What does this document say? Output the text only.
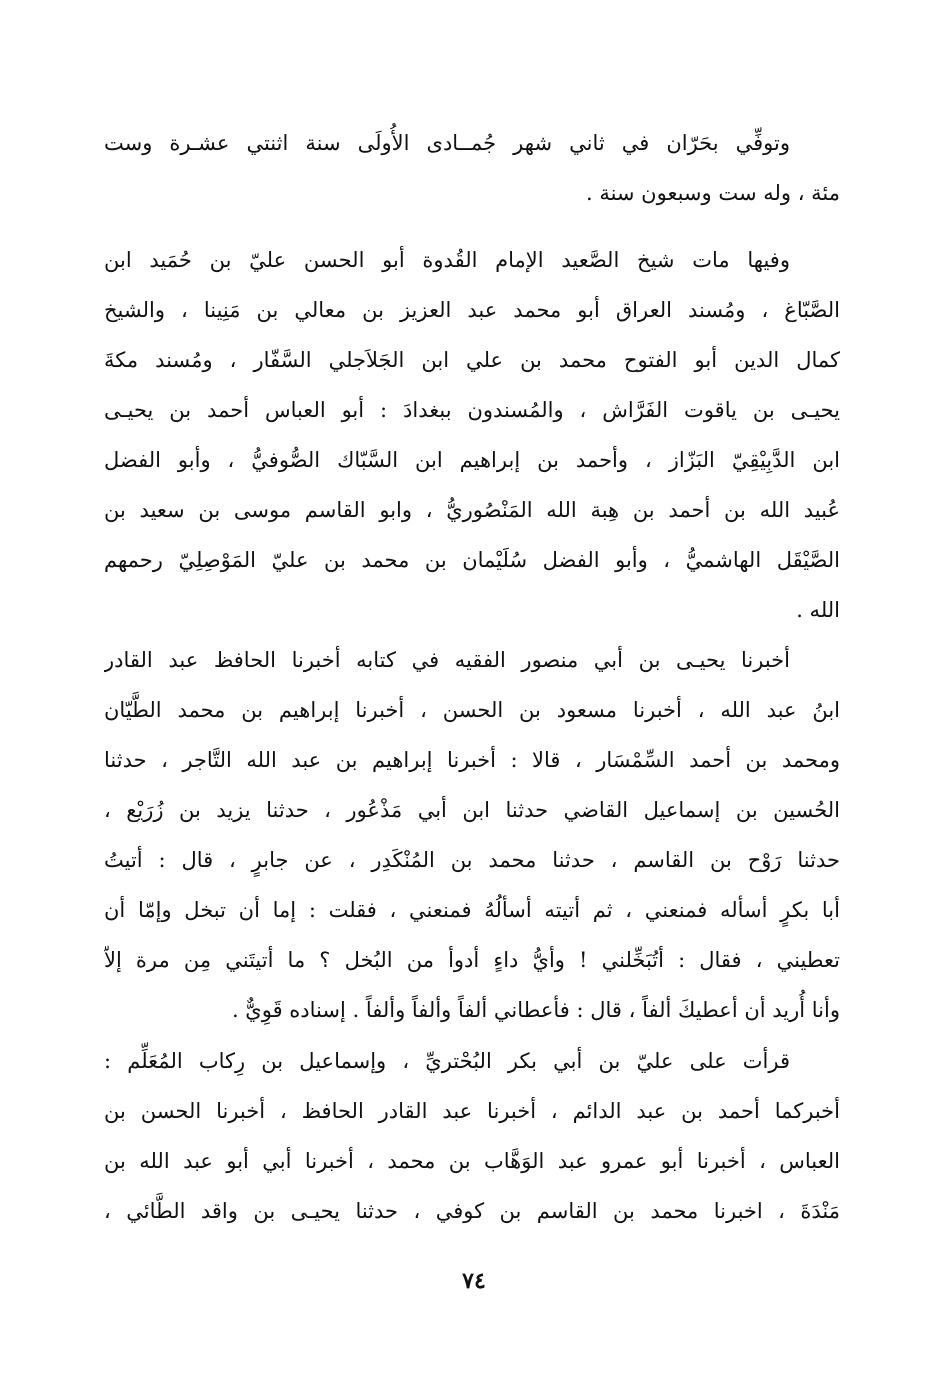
وتوفِّي بحَرّان في ثاني شهر جُمــادى الأُولَى سنة اثنتي عشـرة وست
مئة ، وله ست وسبعون سنة .
وفيها مات شيخ الصَّعيد الإمام القُدوة أبو الحسن عليّ بن حُمَيد ابن
الصَّبّاغ ، ومُسند العراق أبو محمد عبد العزيز بن معالي بن مَنِينا ، والشيخ
كمال الدين أبو الفتوح محمد بن علي ابن الجَلاَجلي السَّفّار ، ومُسند مكةَ
يحيـى بن ياقوت الفَرَّاش ، والمُسندون ببغدادَ : أبو العباس أحمد بن يحيـى
ابن الدَّبِيْقِيّ البَزّاز ، وأحمد بن إبراهيم ابن السَّبّاك الصُّوفيُّ ، وأبو الفضل
عُبيد الله بن أحمد بن هِبة الله المَنْصُوريُّ ، وابو القاسم موسى بن سعيد بن
الصَّيْقَل الهاشميُّ ، وأبو الفضل سُلَيْمان بن محمد بن عليّ المَوْصِلِيّ رحمهم
الله .
أخبرنا يحيـى بن أبي منصور الفقيه في كتابه أخبرنا الحافظ عبد القادر
ابنُ عبد الله ، أخبرنا مسعود بن الحسن ، أخبرنا إبراهيم بن محمد الطَّيّان
ومحمد بن أحمد السِّمْسَار ، قالا : أخبرنا إبراهيم بن عبد الله التَّاجر ، حدثنا
الحُسين بن إسماعيل القاضي حدثنا ابن أبي مَذْعُور ، حدثنا يزيد بن زُرَيْع ،
حدثنا رَوْح بن القاسم ، حدثنا محمد بن المُنْكَدِر ، عن جابرٍ ، قال : أتيتُ
أبا بكرٍ أسأله فمنعني ، ثم أتيته أسألُهُ فمنعني ، فقلت : إما أن تبخل وإمّا أن
تعطيني ، فقال : أتُبَخِّلني ! وأيُّ داءٍ أدوأ من البُخل ؟ ما أتيتَني مِن مرة إلاّ
وأنا أُريد أن أعطيكَ ألفاً ، قال : فأعطاني ألفاً وألفاً وألفاً . إسناده قَوِيٌّ .
قرأت على عليّ بن أبي بكر البُحْتريِّ ، وإسماعيل بن رِكاب المُعَلِّم :
أخبركما أحمد بن عبد الدائم ، أخبرنا عبد القادر الحافظ ، أخبرنا الحسن بن
العباس ، أخبرنا أبو عمرو عبد الوَهَّاب بن محمد ، أخبرنا أبي أبو عبد الله بن
مَنْدَةَ ، اخبرنا محمد بن القاسم بن كوفي ، حدثنا يحيـى بن واقد الطَّائي ،
٧٤
